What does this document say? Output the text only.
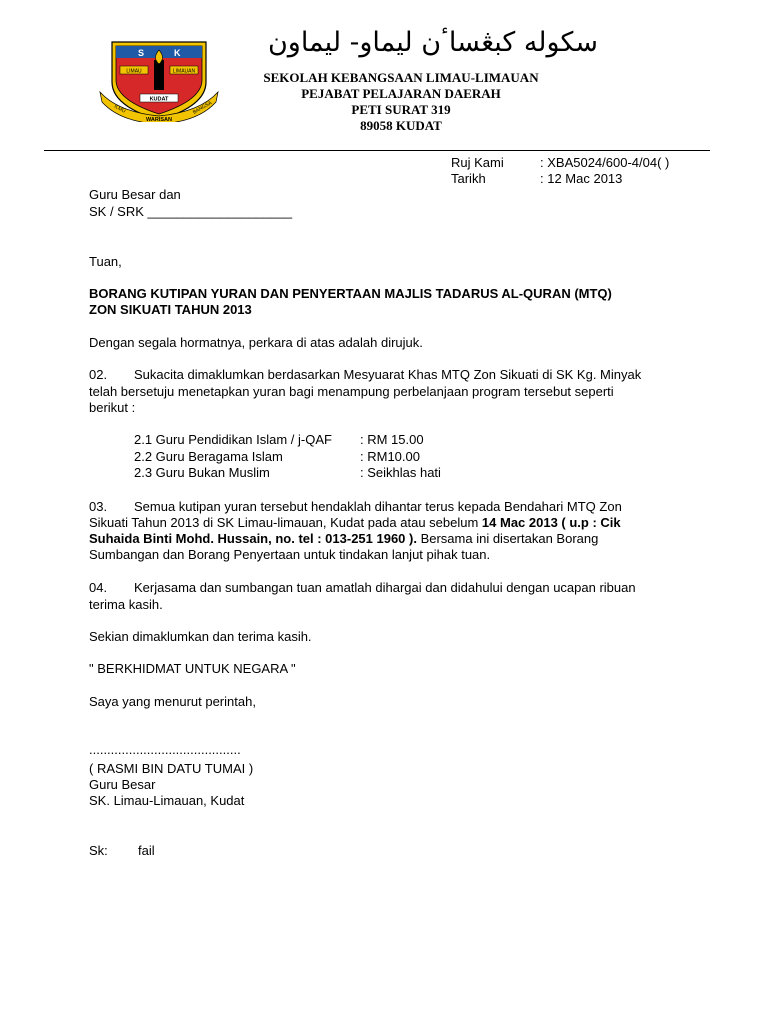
S	K
LIMAU	LIMAUAN
KUDAT
ILMU
WARISAN
BANGSA
سکوله کبڠساٴن ليماو- ليماون
SEKOLAH KEBANGSAAN LIMAU-LIMAUAN
PEJABAT PELAJARAN DAERAH
PETI SURAT 319
89058 KUDAT
Ruj Kami	: XBA5024/600-4/04( )
Tarikh	: 12 Mac 2013
Guru Besar dan
SK / SRK ____________________
Tuan,
BORANG KUTIPAN YURAN DAN PENYERTAAN MAJLIS TADARUS AL-QURAN (MTQ)
ZON SIKUATI TAHUN 2013
Dengan segala hormatnya, perkara di atas adalah dirujuk.
02. Sukacita dimaklumkan berdasarkan Mesyuarat Khas MTQ Zon Sikuati di SK Kg. Minyak
telah bersetuju menetapkan yuran bagi menampung perbelanjaan program tersebut seperti
berikut :
2.1 Guru Pendidikan Islam / j-QAF : RM 15.00
2.2 Guru Beragama Islam	: RM10.00
2.3 Guru Bukan Muslim	: Seikhlas hati
03. Semua kutipan yuran tersebut hendaklah dihantar terus kepada Bendahari MTQ Zon
Sikuati Tahun 2013 di SK Limau-limauan, Kudat pada atau sebelum 14 Mac 2013 ( u.p : Cik
Suhaida Binti Mohd. Hussain, no. tel : 013-251 1960 ). Bersama ini disertakan Borang
Sumbangan dan Borang Penyertaan untuk tindakan lanjut pihak tuan.
04. Kerjasama dan sumbangan tuan amatlah dihargai dan didahului dengan ucapan ribuan
terima kasih.
Sekian dimaklumkan dan terima kasih.
" BERKHIDMAT UNTUK NEGARA "
Saya yang menurut perintah,
..........................................
( RASMI BIN DATU TUMAI )
Guru Besar
SK. Limau-Limauan, Kudat
Sk: fail
